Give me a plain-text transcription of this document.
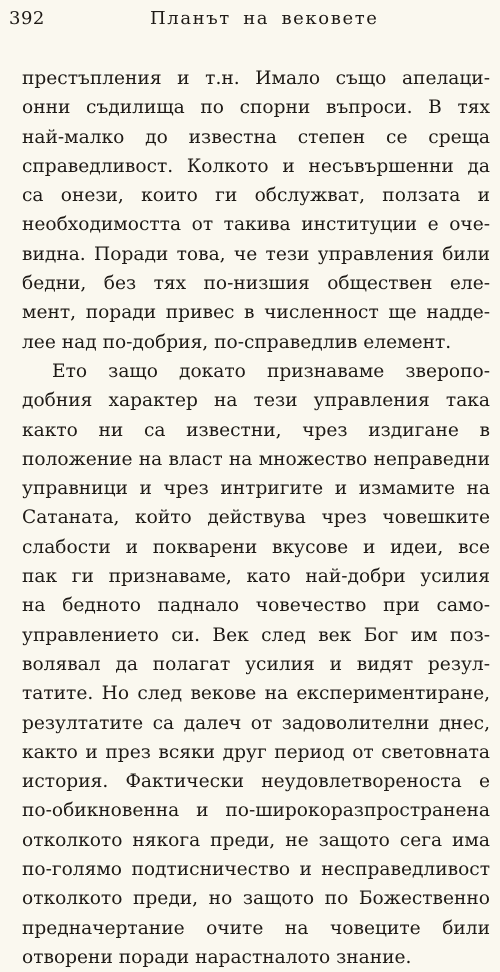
392	Планът на вековете
престъпления и т.н. Имало също апелаци-
онни съдилища по спорни въпроси. В тях
най-малко до известна степен се среща
справедливост. Колкото и несъвършенни да
са онези, които ги обслужват, ползата и
необходимостта от такива институции е оче-
видна. Поради това, че тези управления били
бедни, без тях по-низшия обществен еле-
мент, поради привес в численност ще надде-
лее над по-добрия, по-справедлив елемент.
Ето защо докато признаваме зверопо-
добния характер на тези управления така
както ни са известни, чрез издигане в
положение на власт на множество неправедни
управници и чрез интригите и измамите на
Сатаната, който действува чрез човешките
слабости и покварени вкусове и идеи, все
пак ги признаваме, като най-добри усилия
на бедното паднало човечество при само-
управлението си. Век след век Бог им поз-
волявал да полагат усилия и видят резул-
татите. Но след векове на експериментиране,
резултатите са далеч от задоволителни днес,
както и през всяки друг период от световната
история. Фактически неудовлетвореноста е
по-обикновенна и по-широкоразпространена
отколкото някога преди, не защото сега има
по-голямо подтисничество и несправедливост
отколкото преди, но защото по Божественно
предначертание очите на човеците били
отворени поради нарастналото знание.
